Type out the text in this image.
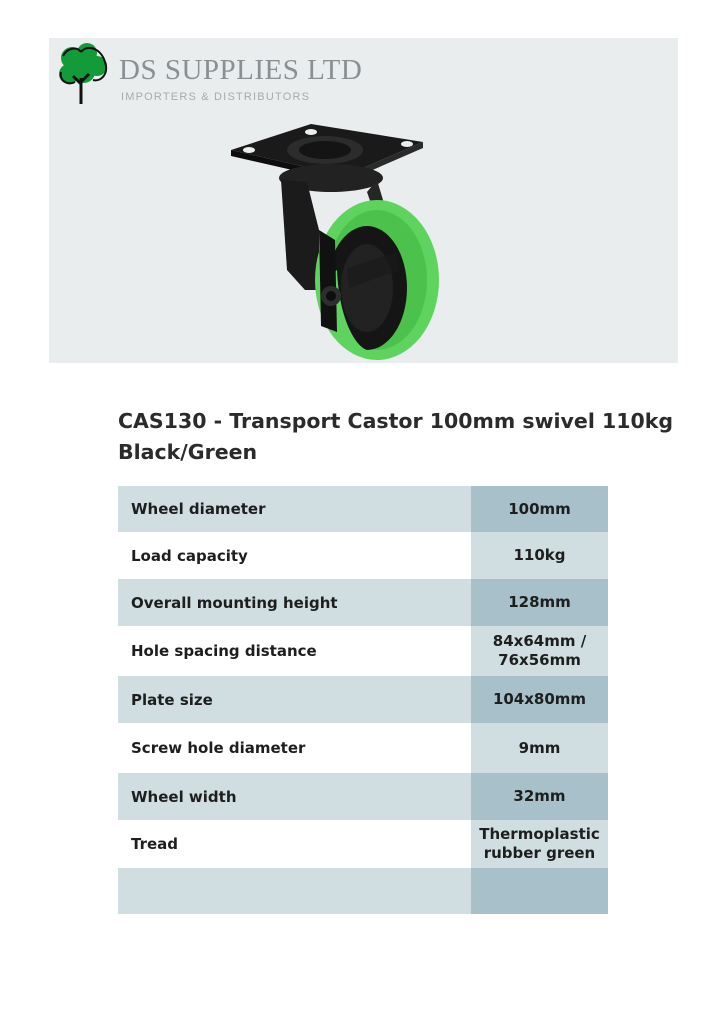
DS SUPPLIES LTD
IMPORTERS & DISTRIBUTORS
CAS130 - Transport Castor 100mm swivel 110kg Black/Green
Wheel diameter	100mm
Load capacity	110kg
Overall mounting height	128mm
Hole spacing distance	84x64mm / 76x56mm
Plate size	104x80mm
Screw hole diameter	9mm
Wheel width	32mm
Tread	Thermoplastic rubber green
